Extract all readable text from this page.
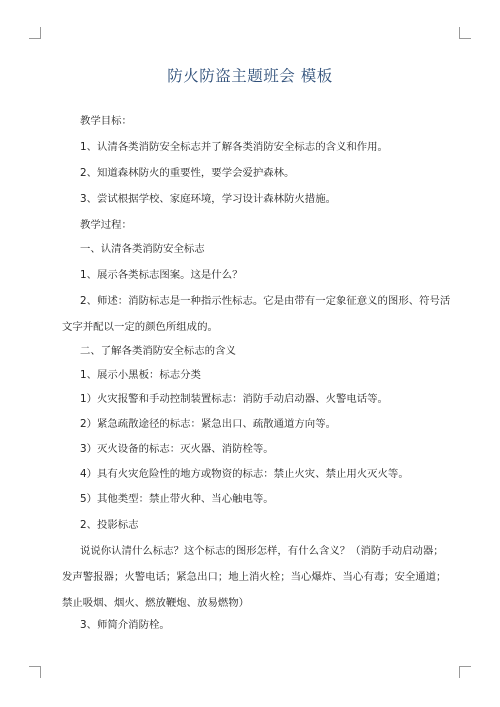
防火防盗主题班会 模板

教学目标：

1、认清各类消防安全标志并了解各类消防安全标志的含义和作用。

2、知道森林防火的重要性，要学会爱护森林。

3、尝试根据学校、家庭环境，学习设计森林防火措施。

教学过程：

一、认清各类消防安全标志

1、展示各类标志图案。这是什么？

2、师述：消防标志是一种指示性标志。它是由带有一定象征意义的图形、符号活文字并配以一定的颜色所组成的。

二、了解各类消防安全标志的含义

1、展示小黑板：标志分类

1）火灾报警和手动控制装置标志：消防手动启动器、火警电话等。

2）紧急疏散途径的标志：紧急出口、疏散通道方向等。

3）灭火设备的标志：灭火器、消防栓等。

4）具有火灾危险性的地方或物资的标志：禁止火灾、禁止用火灭火等。

5）其他类型：禁止带火种、当心触电等。

2、投影标志

说说你认清什么标志？这个标志的图形怎样，有什么含义？（消防手动启动器；发声警报器；火警电话；紧急出口；地上消火栓；当心爆炸、当心有毒；安全通道；禁止吸烟、烟火、燃放鞭炮、放易燃物）

3、师简介消防栓。
